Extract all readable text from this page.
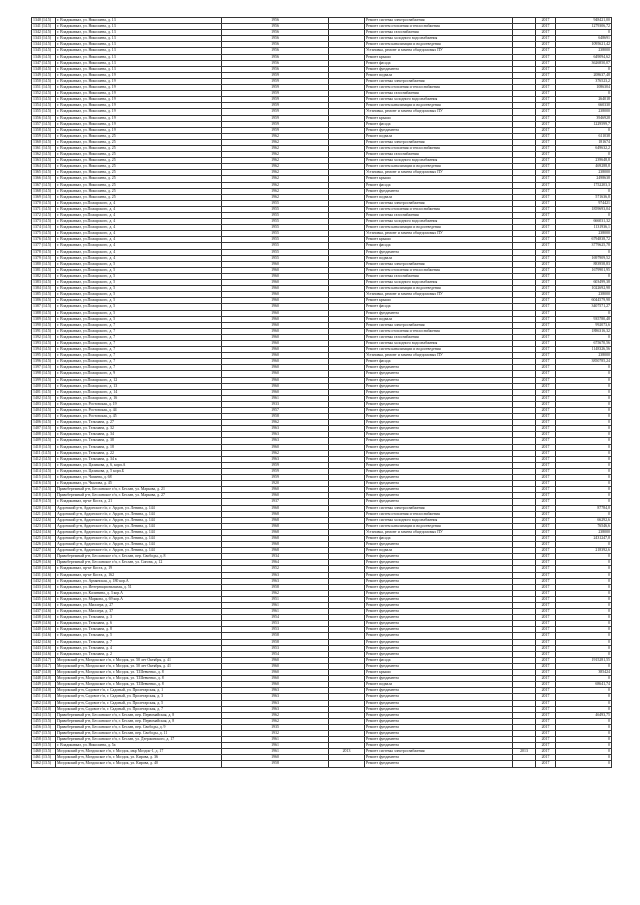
1340 (14.5)	г. Владикавказ, ул. Николаева, д. 13	1956		Ремонт системы электроснабжения		2017	948421,00
1341 (14.5)	г. Владикавказ, ул. Николаева, д. 13	1956		Ремонт систем отопления и теплоснабжения		2017	1279306,72
1342 (14.5)	г. Владикавказ, ул. Николаева, д. 13	1956		Ремонт системы газоснабжения		2017	0
1343 (14.5)	г. Владикавказ, ул. Николаева, д. 13	1956		Ремонт системы холодного водоснабжения		2017	648691
1344 (14.5)	г. Владикавказ, ул. Николаева, д. 13	1956		Ремонт систем канализации и водоотведения		2017	1095621,42
1345 (14.5)	г. Владикавказ, ул. Николаева, д. 13	1956		Установка, ремонт и замена общедомовых ПУ		2017	238000
1346 (14.5)	г. Владикавказ, ул. Николаева, д. 13	1956		Ремонт крыши		2017	649094,62
1347 (14.5)	г. Владикавказ, ул. Николаева, д. 13	1956		Ремонт фасада		2017	3626850,07
1348 (14.5)	г. Владикавказ, ул. Николаева, д. 13	1956		Ремонт фундамента		2017	0
1349 (14.5)	г. Владикавказ, ул. Николаева, д. 19	1959		Ремонт подвала		2017	208637,48
1350 (14.5)	г. Владикавказ, ул. Николаева, д. 19	1959		Ремонт системы электроснабжения		2017	376523,2
1351 (14.5)	г. Владикавказ, ул. Николаева, д. 19	1959		Ремонт систем отопления и теплоснабжения		2017	1086304
1352 (14.5)	г. Владикавказ, ул. Николаева, д. 19	1959		Ремонт системы газоснабжения		2017	0
1353 (14.5)	г. Владикавказ, ул. Николаева, д. 19	1959		Ремонт системы холодного водоснабжения		2017	264018
1354 (14.5)	г. Владикавказ, ул. Николаева, д. 19	1959		Ремонт систем канализации и водоотведения		2017	660330
1355 (14.5)	г. Владикавказ, ул. Николаева, д. 19	1959		Установка, ремонт и замена общедомовых ПУ		2017	238000
1356 (14.5)	г. Владикавказ, ул. Николаева, д. 19	1959		Ремонт крыши		2017	3946928
1357 (14.5)	г. Владикавказ, ул. Николаева, д. 19	1959		Ремонт фасада		2017	1229599,7
1358 (14.5)	г. Владикавказ, ул. Николаева, д. 19	1959		Ремонт фундамента		2017	0
1359 (14.5)	г. Владикавказ, ул. Николаева, д. 25	1962		Ремонт подвала		2017	611038
1360 (14.5)	г. Владикавказ, ул. Николаева, д. 25	1962		Ремонт системы электроснабжения		2017	181674
1361 (14.5)	г. Владикавказ, ул. Николаева, д. 25	1962		Ремонт систем отопления и теплоснабжения		2017	649632,2
1362 (14.5)	г. Владикавказ, ул. Николаева, д. 25	1962		Ремонт системы газоснабжения		2017	0
1363 (14.5)	г. Владикавказ, ул. Николаева, д. 25	1962		Ремонт системы холодного водоснабжения		2017	239648,8
1364 (14.5)	г. Владикавказ, ул. Николаева, д. 25	1962		Ремонт систем канализации и водоотведения		2017	469288,8
1365 (14.5)	г. Владикавказ, ул. Николаева, д. 25	1962		Установка, ремонт и замена общедомовых ПУ		2017	238000
1366 (14.5)	г. Владикавказ, ул. Николаева, д. 25	1962		Ремонт крыши		2017	2498638
1367 (14.5)	г. Владикавказ, ул. Николаева, д. 25	1962		Ремонт фасада		2017	1752203,3
1368 (14.5)	г. Владикавказ, ул. Николаева, д. 25	1962		Ремонт фундамента		2017	0
1369 (14.5)	г. Владикавказ, ул. Николаева, д. 25	1962		Ремонт подвала		2017	571636,8
1370 (14.5)	г. Владикавказ, ул.Пожарского, д. 4	1955		Ремонт системы электроснабжения		2017	974421
1371 (14.5)	г. Владикавказ, ул.Пожарского, д. 4	1955		Ремонт систем отопления и теплоснабжения		2017	1859693,04
1372 (14.5)	г. Владикавказ, ул.Пожарского, д. 4	1955		Ремонт системы газоснабжения		2017	0
1373 (14.5)	г. Владикавказ, ул.Пожарского, д. 4	1955		Ремонт системы холодного водоснабжения		2017	666031,32
1374 (14.5)	г. Владикавказ, ул.Пожарского, д. 4	1955		Ремонт систем канализации и водоотведения		2017	1131936,1
1375 (14.5)	г. Владикавказ, ул.Пожарского, д. 4	1955		Установка, ремонт и замена общедомовых ПУ		2017	238000
1376 (14.5)	г. Владикавказ, ул.Пожарского, д. 4	1955		Ремонт крыши		2017	6794838,72
1377 (14.5)	г. Владикавказ, ул.Пожарского, д. 4	1955		Ремонт фасада		2017	3779625,78
1378 (14.5)	г. Владикавказ, ул.Пожарского, д. 4	1955		Ремонт фундамента		2017	0
1379 (14.5)	г. Владикавказ, ул.Пожарского, д. 4	1955		Ремонт подвала		2017	1697909,52
1380 (14.5)	г. Владикавказ, ул.Пожарского, д. 5	1960		Ремонт системы электроснабжения		2017	883958,83
1381 (14.5)	г. Владикавказ, ул.Пожарского, д. 5	1960		Ремонт систем отопления и теплоснабжения		2017	1679901,95
1382 (14.5)	г. Владикавказ, ул.Пожарского, д. 5	1960		Ремонт системы газоснабжения		2017	0
1383 (14.5)	г. Владикавказ, ул.Пожарского, д. 5	1960		Ремонт системы холодного водоснабжения		2017	603499,38
1384 (14.5)	г. Владикавказ, ул.Пожарского, д. 5	1960		Ремонт систем канализации и водоотведения		2017	1022692,98
1385 (14.5)	г. Владикавказ, ул.Пожарского, д. 5	1960		Установка, ремонт и замена общедомовых ПУ		2017	238000
1386 (14.5)	г. Владикавказ, ул.Пожарского, д. 5	1960		Ремонт крыши		2017	6044579,98
1387 (14.5)	г. Владикавказ, ул.Пожарского, д. 5	1960		Ремонт фасада		2017	3407571,27
1388 (14.5)	г. Владикавказ, ул.Пожарского, д. 5	1960		Ремонт фундамента		2017	0
1389 (14.5)	г. Владикавказ, ул.Пожарского, д. 5	1960		Ремонт подвала		2017	935780,48
1390 (14.5)	г. Владикавказ, ул.Пожарского, д. 7	1960		Ремонт системы электроснабжения		2017	992073,6
1391 (14.5)	г. Владикавказ, ул.Пожарского, д. 7	1960		Ремонт систем отопления и теплоснабжения		2017	1886316,32
1392 (14.5)	г. Владикавказ, ул.Пожарского, д. 7	1960		Ремонт системы газоснабжения		2017	0
1393 (14.5)	г. Владикавказ, ул.Пожарского, д. 7	1960		Ремонт системы холодного водоснабжения		2017	675670,56
1394 (14.5)	г. Владикавказ, ул.Пожарского, д. 7	1960		Ремонт систем канализации и водоотведения		2017	1148326,56
1395 (14.5)	г. Владикавказ, ул.Пожарского, д. 7	1960		Установка, ремонт и замена общедомовых ПУ		2017	238000
1396 (14.5)	г. Владикавказ, ул.Пожарского, д. 7	1960		Ремонт фасада		2017	3850785,24
1397 (14.5)	г. Владикавказ, ул.Пожарского, д. 7	1960		Ремонт фундамента		2017	0
1398 (14.5)	г. Владикавказ, ул.Пожарского, д. 9	1960		Ремонт фундамента		2017	0
1399 (14.5)	г. Владикавказ, ул.Пожарского, д. 12	1960		Ремонт фундамента		2017	0
1400 (14.5)	г. Владикавказ, ул.Пожарского, д. 13	1960		Ремонт фундамента		2017	0
1401 (14.5)	г. Владикавказ, ул.Пожарского, д. 14	1960		Ремонт фундамента		2017	0
1402 (14.5)	г. Владикавказ, ул.Пожарского, д. 16	1961		Ремонт фундамента		2017	0
1403 (14.5)	г. Владикавказ, ул. Ростовская, д. 19	1933		Ремонт фундамента		2017	0
1404 (14.5)	г. Владикавказ, ул. Ростовская, д. 44	1957		Ремонт фундамента		2017	0
1405 (14.5)	г. Владикавказ, ул. Ростовская, д. 45	1958		Ремонт фундамента		2017	0
1406 (14.5)	г. Владикавказ, ул. Тельмана, д. 27	1962		Ремонт фундамента		2017	0
1407 (14.5)	г. Владикавказ, ул. Тельмана, д. 32	1963		Ремонт фундамента		2017	0
1408 (14.5)	г. Владикавказ, ул. Тельмана, д. 34	1963		Ремонт фундамента		2017	0
1409 (14.5)	г. Владикавказ, ул. Тельмана, д. 38	1963		Ремонт фундамента		2017	0
1410 (14.5)	г. Владикавказ, ул. Тельмана, д. 18	1960		Ремонт фундамента		2017	0
1411 (14.5)	г. Владикавказ, ул. Тельмана, д. 22	1962		Ремонт фундамента		2017	0
1412 (14.5)	г. Владикавказ, ул. Тельмана, д. 34 к	1963		Ремонт фундамента		2017	0
1413 (14.5)	г. Владикавказ, ул. Цаликова, д. 6, корп.А	1959		Ремонт фундамента		2017	0
1414 (14.5)	г. Владикавказ, ул. Цаликова, д. 5 корп.Б	1959		Ремонт фундамента		2017	0
1415 (14.5)	г. Владикавказ, ул. Чапаева, д. 68	1959		Ремонт фундамента		2017	0
1416 (14.5)	г. Владикавказ, ул. Чкалова, д. 45	1920		Ремонт фундамента		2017	0
1417 (14.5)	Правобережный р-н, Бесланское г/п, г. Беслан, ул. Маркова, д. 21	1960		Ремонт фундамента		2017	0
1418 (14.5)	Правобережный р-н, Бесланское г/п, г. Беслан, ул. Маркова, д. 27	1960		Ремонт фундамента		2017	0
1419 (14.5)	г. Владикавказ, пр-кт Коста, д. 21	1937		Ремонт фундамента		2017	0
1420 (14.6)	Ардонский р-н, Ардонское г/п, г. Ардон, ул. Ленина, д. 144	1968		Ремонт системы электроснабжения		2017	87784,8
1421 (14.6)	Ардонский р-н, Ардонское г/п, г. Ардон, ул. Ленина, д. 144	1968		Ремонт систем отопления и теплоснабжения		2017	0
1422 (14.6)	Ардонский р-н, Ардонское г/п, г. Ардон, ул. Ленина, д. 144	1968		Ремонт системы холодного водоснабжения		2017	66292,6
1423 (14.6)	Ардонский р-н, Ардонское г/п, г. Ардон, ул. Ленина, д. 144	1968		Ремонт систем канализации и водоотведения		2017	76546,6
1424 (14.6)	Ардонский р-н, Ардонское г/п, г. Ардон, ул. Ленина, д. 144	1968		Установка, ремонт и замена общедомовых ПУ		2017	238000
1425 (14.6)	Ардонский р-н, Ардонское г/п, г. Ардон, ул. Ленина, д. 144	1968		Ремонт фасада		2017	2431247,8
1426 (14.6)	Ардонский р-н, Ардонское г/п, г. Ардон, ул. Ленина, д. 144	1968		Ремонт фундамента		2017	0
1427 (14.6)	Ардонский р-н, Ардонское г/п, г. Ардон, ул. Ленина, д. 144	1968		Ремонт подвала		2017	218392,6
1428 (14.6)	Правобережный р-н, Бесланское г/п, г. Беслан, пер. Свободы, д. 8	1934		Ремонт фундамента		2017	0
1429 (14.6)	Правобережный р-н, Бесланское г/п, г. Беслан, ул. Сигова, д. 12	1964		Ремонт фундамента		2017	0
1430 (14.6)	г. Владикавказ, пр-кт Коста, д. 19	1952		Ремонт фундамента		2017	0
1431 (14.6)	г. Владикавказ, пр-кт Коста, д. 162	1963		Ремонт фундамента		2017	0
1432 (14.6)	г. Владикавказ, ул. Армянская, д. 180 кор.А	1963		Ремонт фундамента		2017	0
1433 (14.6)	г. Владикавказ, ул. Интернациональная, д. 51	1958		Ремонт фундамента		2017	0
1434 (14.6)	г. Владикавказ, ул. Калинина, д. 3 кор.А	1962		Ремонт фундамента		2017	0
1435 (14.6)	г. Владикавказ, ул. Маркова, д. 69 кор.А	1951		Ремонт фундамента		2017	0
1436 (14.6)	г. Владикавказ, ул. Миллера, д. 27	1961		Ремонт фундамента		2017	0
1437 (14.6)	г. Владикавказ, ул. Миллера, д. 37	1961		Ремонт фундамента		2017	0
1438 (14.6)	г. Владикавказ, ул. Тельмана, д. 3	1954		Ремонт фундамента		2017	0
1439 (14.6)	г. Владикавказ, ул. Тельмана, д. 6	1953		Ремонт фундамента		2017	0
1440 (14.6)	г. Владикавказ, ул. Тельмана, д. 8	1953		Ремонт фундамента		2017	0
1441 (14.6)	г. Владикавказ, ул. Тельмана, д. 5	1958		Ремонт фундамента		2017	0
1442 (14.6)	г. Владикавказ, ул. Тельмана, д. 7	1958		Ремонт фундамента		2017	0
1443 (14.6)	г. Владикавказ, ул. Тельмана, д. 4	1953		Ремонт фундамента		2017	0
1444 (14.6)	г. Владикавказ, ул. Тельмана, д. 2	1954		Ремонт фундамента		2017	0
1445 (14.7)	Моздокский р-н, Моздокское г/п, г. Моздок, ул. 50 лет Октября, д. 41	1960		Ремонт фасада		2017	1915281,55
1446 (14.7)	Моздокский р-н, Моздокское г/п, г. Моздок, ул. 50 лет Октября, д. 41	1960		Ремонт фундамента		2017	0
1447 (14.0)	Моздокский р-н, Моздокское г/п, г. Моздок, ул. Т.Шевченко, д. 8	1960		Ремонт крыши		2017	385424
1448 (14.0)	Моздокский р-н, Моздокское г/п, г. Моздок, ул. Т.Шевченко, д. 8	1960		Ремонт фундамента		2017	0
1449 (14.0)	Моздокский р-н, Моздокское г/п, г. Моздок, ул. Т.Шевченко, д. 8	1960		Ремонт подвала		2017	68641,74
1450 (14.0)	Моздокский р-н, Садовое г/п, г. Садовый, ул. Пролетарская, д. 1	1963		Ремонт фундамента		2017	0
1451 (14.0)	Моздокский р-н, Садовое г/п, г. Садовый, ул. Пролетарская, д. 3	1963		Ремонт фундамента		2017	0
1452 (14.0)	Моздокский р-н, Садовое г/п, г. Садовый, ул. Пролетарская, д. 5	1963		Ремонт фундамента		2017	0
1453 (14.0)	Моздокский р-н, Садовое г/п, г. Садовый, ул. Пролетарская, д. 7	1963		Ремонт фундамента		2017	0
1454 (13.5)	Правобережный р-н, Бесланское г/п, г. Беслан, пер. Первомайская, д. 8	1962		Ремонт фундамента		2017	46493,75
1455 (13.5)	Правобережный р-н, Бесланское г/п, г. Беслан, пер. Первомайская, д. 8	1962		Ремонт фундамента		2017	0
1456 (13.5)	Правобережный р-н, Бесланское г/п, г. Беслан, пер. Свободы, д. 9	1935		Ремонт фундамента		2017	0
1457 (13.5)	Правобережный р-н, Бесланское г/п, г. Беслан, пер. Свободы, д. 11	1932		Ремонт фундамента		2017	0
1458 (13.5)	Правобережный р-н, Бесланское г/п, г. Беслан, ул. Дзержинского, д. 17	1961		Ремонт фундамента		2017	0
1459 (13.5)	г. Владикавказ, ул. Николаева, д. 5а	1961		Ремонт фундамента		2017	0
1460 (13.5)	Моздокский р-н, Моздокское г/п, г. Моздок, мкр Моздок-1, д. 17	1961	2013	Ремонт системы электроснабжения	2013	2017	0
1461 (13.5)	Моздокский р-н, Моздокское г/п, г. Моздок, ул. Кирова, д. 36	1960		Ремонт фундамента		2017	0
1462 (13.5)	Моздокский р-н, Моздокское г/п, г. Моздок, ул. Кирова, д. 40	1958		Ремонт фундамента		2017	0
